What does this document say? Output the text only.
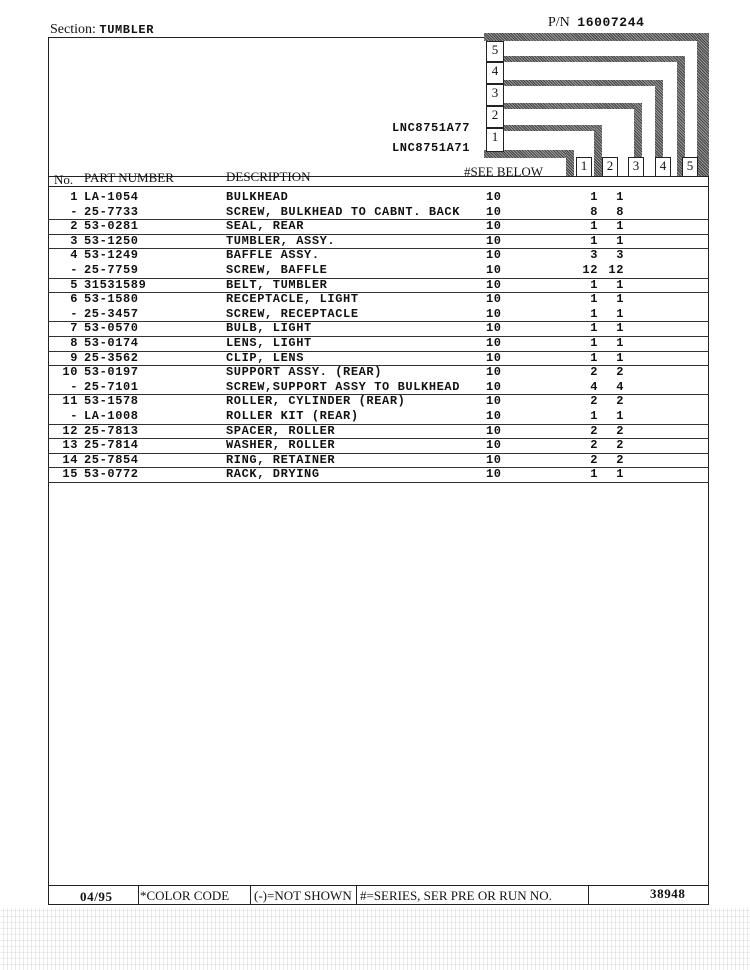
Section: TUMBLER	P/N 16007244
5
4
3
2
1
LNC8751A77
LNC8751A71
No. PART NUMBER	DESCRIPTION	#SEE BELOW	1	2	3	4	5
1 LA-1054	BULKHEAD	10	1	1
- 25-7733	SCREW, BULKHEAD TO CABNT. BACK 10	8	8
2 53-0281	SEAL, REAR	10	1	1
3 53-1250	TUMBLER, ASSY.	10	1	1
4 53-1249	BAFFLE ASSY.	10	3	3
- 25-7759	SCREW, BAFFLE	10	12 12
5 31531589	BELT, TUMBLER	10	1	1
6 53-1580	RECEPTACLE, LIGHT	10	1	1
- 25-3457	SCREW, RECEPTACLE	10	1	1
7 53-0570	BULB, LIGHT	10	1	1
8 53-0174	LENS, LIGHT	10	1	1
9 25-3562	CLIP, LENS	10	1	1
10 53-0197	SUPPORT ASSY. (REAR)	10	2	2
- 25-7101	SCREW,SUPPORT ASSY TO BULKHEAD 10	4	4
11 53-1578	ROLLER, CYLINDER (REAR)	10	2	2
- LA-1008	ROLLER KIT (REAR)	10	1	1
12 25-7813	SPACER, ROLLER	10	2	2
13 25-7814	WASHER, ROLLER	10	2	2
14 25-7854	RING, RETAINER	10	2	2
15 53-0772	RACK, DRYING	10	1	1
04/95 *COLOR CODE (-)=NOT SHOWN #=SERIES, SER PRE OR RUN NO.	38948
